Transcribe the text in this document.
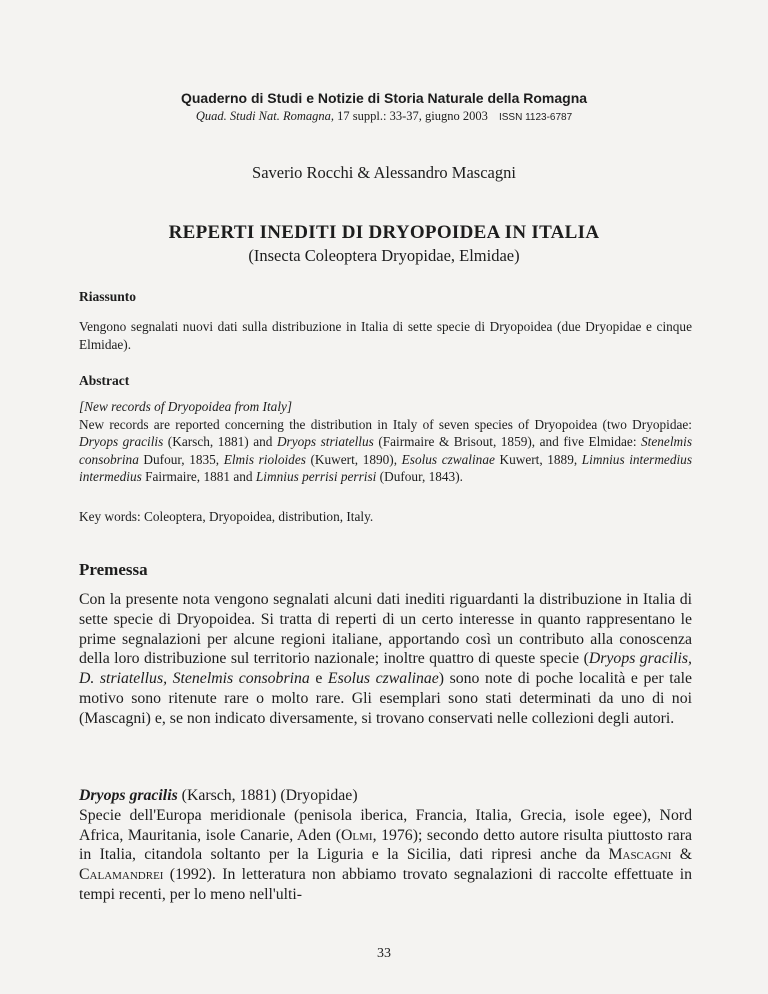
Quaderno di Studi e Notizie di Storia Naturale della Romagna
Quad. Studi Nat. Romagna, 17 suppl.: 33-37, giugno 2003 ISSN 1123-6787
Saverio Rocchi & Alessandro Mascagni
REPERTI INEDITI DI DRYOPOIDEA IN ITALIA
(Insecta Coleoptera Dryopidae, Elmidae)
Riassunto

Vengono segnalati nuovi dati sulla distribuzione in Italia di sette specie di Dryopoidea (due Dryopidae e cinque Elmidae).

Abstract

[New records of Dryopoidea from Italy]
New records are reported concerning the distribution in Italy of seven species of Dryopoidea (two Dryopidae: Dryops gracilis (Karsch, 1881) and Dryops striatellus (Fairmaire & Brisout, 1859), and five Elmidae: Stenelmis consobrina Dufour, 1835, Elmis rioloides (Kuwert, 1890), Esolus czwalinae Kuwert, 1889, Limnius intermedius intermedius Fairmaire, 1881 and Limnius perrisi perrisi (Dufour, 1843).

Key words: Coleoptera, Dryopoidea, distribution, Italy.

Premessa

Con la presente nota vengono segnalati alcuni dati inediti riguardanti la distribuzione in Italia di sette specie di Dryopoidea. Si tratta di reperti di un certo interesse in quanto rappresentano le prime segnalazioni per alcune regioni italiane, apportando così un contributo alla conoscenza della loro distribuzione sul territorio nazionale; inoltre quattro di queste specie (Dryops gracilis, D. striatellus, Stenelmis consobrina e Esolus czwalinae) sono note di poche località e per tale motivo sono ritenute rare o molto rare. Gli esemplari sono stati determinati da uno di noi (Mascagni) e, se non indicato diversamente, si trovano conservati nelle collezioni degli autori.

Dryops gracilis (Karsch, 1881) (Dryopidae)
Specie dell'Europa meridionale (penisola iberica, Francia, Italia, Grecia, isole egee), Nord Africa, Mauritania, isole Canarie, Aden (Olmi, 1976); secondo detto autore risulta piuttosto rara in Italia, citandola soltanto per la Liguria e la Sicilia, dati ripresi anche da Mascagni & Calamandrei (1992). In letteratura non abbiamo trovato segnalazioni di raccolte effettuate in tempi recenti, per lo meno nell'ulti-

33
